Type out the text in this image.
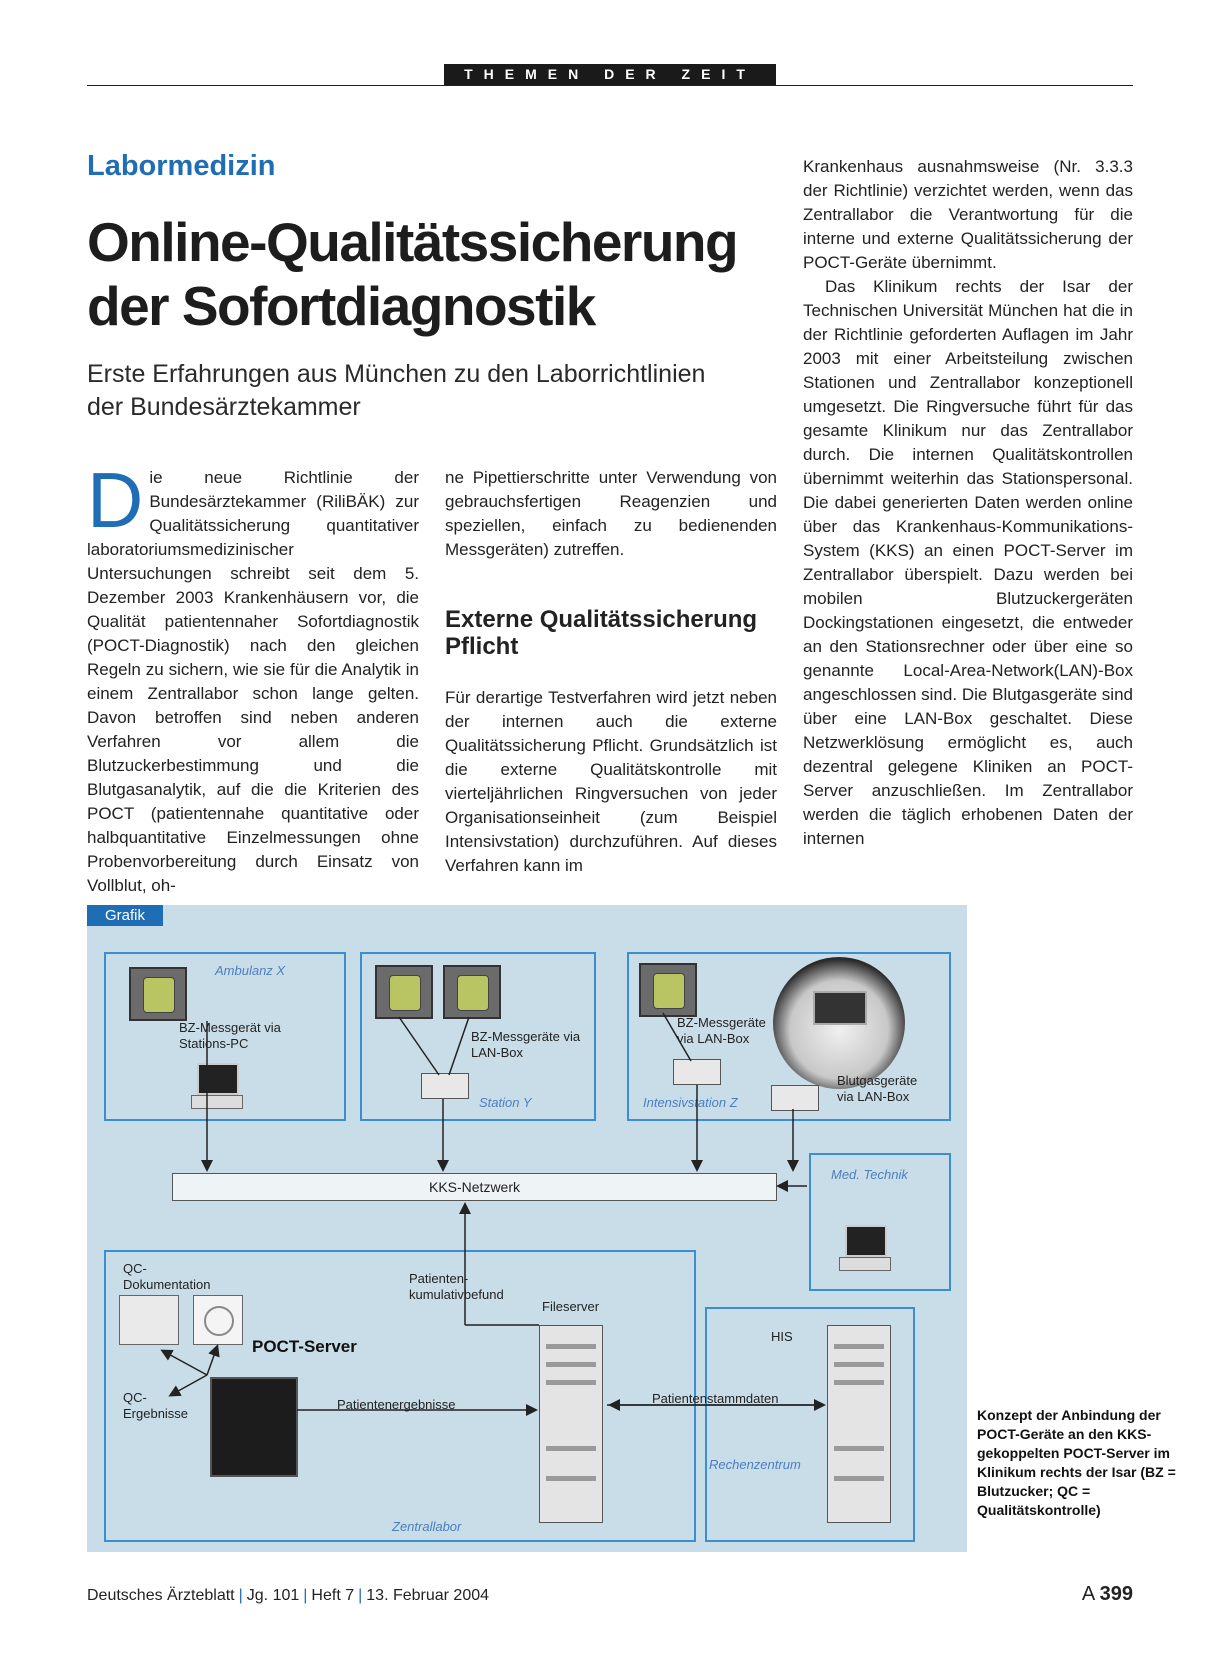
THEMEN DER ZEIT
Labormedizin
Online-Qualitätssicherung
der Sofortdiagnostik
Erste Erfahrungen aus München zu den Laborrichtlinien
der Bundesärztekammer

Die neue Richtlinie der Bundesärztekammer (RiliBÄK) zur Qualitätssicherung quantitativer laboratoriumsmedizinischer Untersuchungen schreibt seit dem 5. Dezember 2003 Krankenhäusern vor, die Qualität patientennaher Sofortdiagnostik (POCT-Diagnostik) nach den gleichen Regeln zu sichern, wie sie für die Analytik in einem Zentrallabor schon lange gelten. Davon betroffen sind neben anderen Verfahren vor allem die Blutzuckerbestimmung und die Blutgasanalytik, auf die die Kriterien des POCT (patientennahe quantitative oder halbquantitative Einzelmessungen ohne Probenvorbereitung durch Einsatz von Vollblut, oh-

ne Pipettierschritte unter Verwendung von gebrauchsfertigen Reagenzien und speziellen, einfach zu bedienenden Messgeräten) zutreffen.

Externe Qualitätssicherung Pflicht

Für derartige Testverfahren wird jetzt neben der internen auch die externe Qualitätssicherung Pflicht. Grundsätzlich ist die externe Qualitätskontrolle mit vierteljährlichen Ringversuchen von jeder Organisationseinheit (zum Beispiel Intensivstation) durchzuführen. Auf dieses Verfahren kann im

Krankenhaus ausnahmsweise (Nr. 3.3.3 der Richtlinie) verzichtet werden, wenn das Zentrallabor die Verantwortung für die interne und externe Qualitätssicherung der POCT-Geräte übernimmt.

Das Klinikum rechts der Isar der Technischen Universität München hat die in der Richtlinie geforderten Auflagen im Jahr 2003 mit einer Arbeitsteilung zwischen Stationen und Zentrallabor konzeptionell umgesetzt. Die Ringversuche führt für das gesamte Klinikum nur das Zentrallabor durch. Die internen Qualitätskontrollen übernimmt weiterhin das Stationspersonal. Die dabei generierten Daten werden online über das Krankenhaus-Kommunikations-System (KKS) an einen POCT-Server im Zentrallabor überspielt. Dazu werden bei mobilen Blutzuckergeräten Dockingstationen eingesetzt, die entweder an den Stationsrechner oder über eine so genannte Local-Area-Network(LAN)-Box angeschlossen sind. Die Blutgasgeräte sind über eine LAN-Box geschaltet. Diese Netzwerklösung ermöglicht es, auch dezentral gelegene Kliniken an POCT-Server anzuschließen. Im Zentrallabor werden die täglich erhobenen Daten der internen

Grafik
Ambulanz X
BZ-Messgerät via Stations-PC	BZ-Messgeräte via LAN-Box
Station Y
BZ-Messgeräte via LAN-Box
Blutgasgeräte via LAN-Box
Intensivstation Z
KKS-Netzwerk
Med. Technik
QC-Dokumentation
POCT-Server
QC-Ergebnisse
Patienten-kumulativbefund
Fileserver
Patientenergebnisse
Zentrallabor
HIS
Patientenstammdaten
Rechenzentrum
Konzept der Anbindung der POCT-Geräte an den KKS-gekoppelten POCT-Server im Klinikum rechts der Isar (BZ = Blutzucker; QC = Qualitätskontrolle)
Deutsches Ärzteblatt | Jg. 101 | Heft 7 | 13. Februar 2004	A 399
